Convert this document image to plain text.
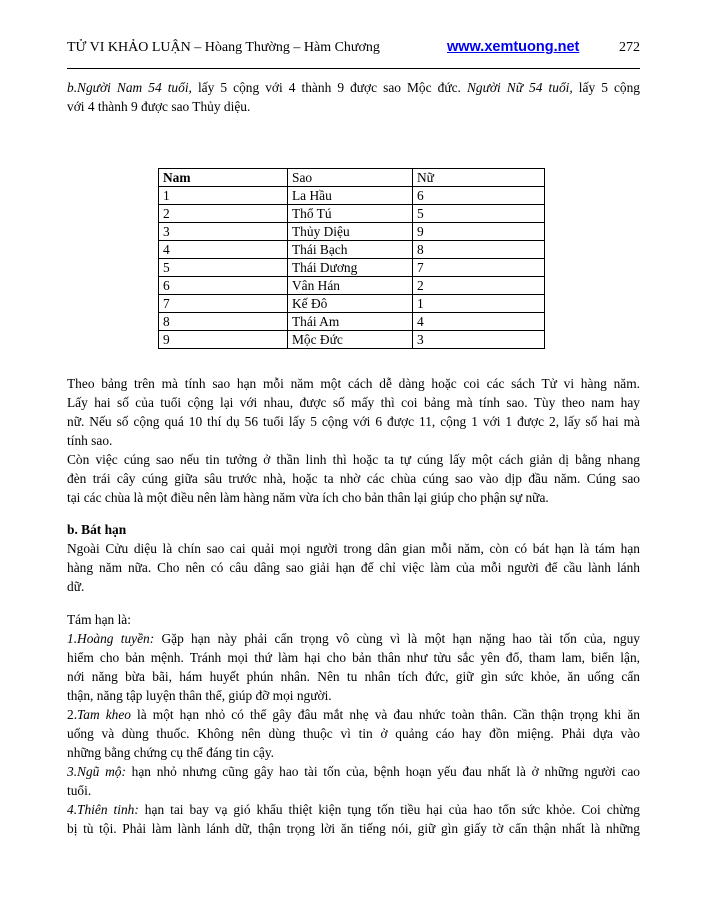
TỬ VI KHẢO LUẬN – Hòang Thường – Hàm Chương	www.xemtuong.net	272
b.Người Nam 54 tuổi, lấy 5 cộng với 4 thành 9 được sao Mộc đức. Người Nữ 54 tuổi, lấy 5 cộng
với 4 thành 9 được sao Thủy diệu.
Nam	Sao	Nữ
1	La Hầu	6
2	Thổ Tú	5
3	Thủy Diệu	9
4	Thái Bạch	8
5	Thái Dương	7
6	Vân Hán	2
7	Kế Đô	1
8	Thái Am	4
9	Mộc Đức	3
Theo bảng trên mà tính sao hạn mỗi năm một cách dễ dàng hoặc coi các sách Tử vi hàng năm.
Lấy hai số của tuổi cộng lại với nhau, được số mấy thì coi bảng mà tính sao. Tùy theo nam hay
nữ. Nếu số cộng quá 10 thí dụ 56 tuổi lấy 5 cộng với 6 được 11, cộng 1 với 1 được 2, lấy số hai mà
tính sao.
Còn việc cúng sao nếu tin tưởng ở thần linh thì hoặc ta tự cúng lấy một cách giản dị bằng nhang
đèn trái cây cúng giữa sâu trước nhà, hoặc ta nhờ các chùa cúng sao vào dịp đầu năm. Cúng sao
tại các chùa là một điều nên làm hàng năm vừa ích cho bản thân lại giúp cho phận sự nữa.
b. Bát hạn
Ngoài Cửu diệu là chín sao cai quải mọi người trong dân gian mỗi năm, còn có bát hạn là tám hạn
hàng năm nữa. Cho nên có câu dâng sao giải hạn để chỉ việc làm của mỗi người để cầu lành lánh
dữ.
Tám hạn là:
1.Hoàng tuyền: Gặp hạn này phải cẩn trọng vô cùng vì là một hạn nặng hao tài tốn của, nguy
hiểm cho bản mệnh. Tránh mọi thứ làm hại cho bản thân như tửu sắc yên đổ, tham lam, biển lận,
nới năng bừa bãi, hám huyết phún nhân. Nên tu nhân tích đức, giữ gìn sức khỏe, ăn uống cẩn
thận, năng tập luyện thân thể, giúp đỡ mọi người.
2.Tam kheo là một hạn nhỏ có thể gây đâu mắt nhẹ và đau nhức toàn thân. Cần thận trọng khi ăn
uống và dùng thuốc. Không nên dùng thuộc vì tin ở quảng cáo hay đồn miệng. Phải dựa vào
những bằng chứng cụ thể đáng tin cậy.
3.Ngũ mộ: hạn nhỏ nhưng cũng gây hao tài tốn của, bệnh hoạn yếu đau nhất là ở những người cao
tuổi.
4.Thiên tinh: hạn tai bay vạ gió khẩu thiệt kiện tụng tốn tiều hại của hao tổn sức khỏe. Coi chừng
bị tù tội. Phải làm lành lánh dữ, thận trọng lời ăn tiếng nói, giữ gìn giấy tờ cẩn thận nhất là những
